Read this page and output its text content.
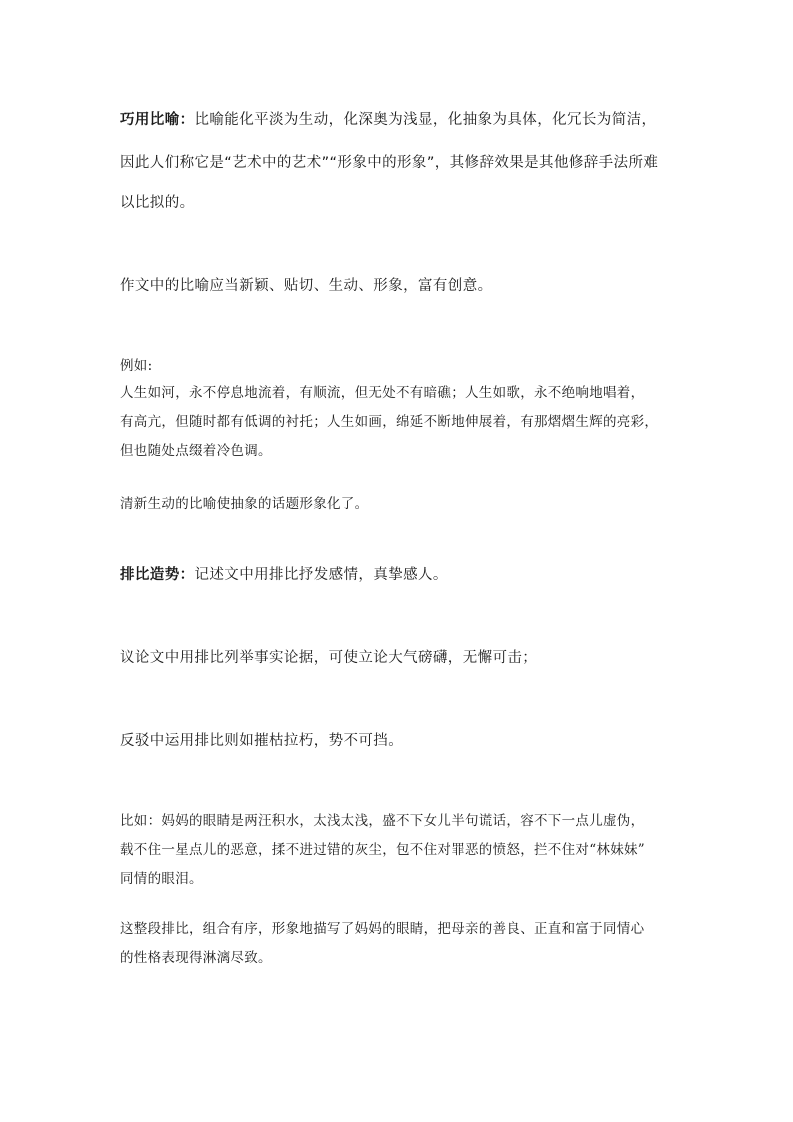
巧用比喻：比喻能化平淡为生动，化深奥为浅显，化抽象为具体，化冗长为简洁，
因此人们称它是“艺术中的艺术”“形象中的形象”，其修辞效果是其他修辞手法所难
以比拟的。
作文中的比喻应当新颖、贴切、生动、形象，富有创意。
例如:
人生如河，永不停息地流着，有顺流，但无处不有暗礁；人生如歌，永不绝响地唱着，
有高亢，但随时都有低调的衬托；人生如画，绵延不断地伸展着，有那熠熠生辉的亮彩，
但也随处点缀着冷色调。
清新生动的比喻使抽象的话题形象化了。
排比造势：记述文中用排比抒发感情，真挚感人。
议论文中用排比列举事实论据，可使立论大气磅礴，无懈可击；
反驳中运用排比则如摧枯拉朽，势不可挡。
比如：妈妈的眼睛是两汪积水，太浅太浅，盛不下女儿半句谎话，容不下一点儿虚伪，
载不住一星点儿的恶意，揉不进过错的灰尘，包不住对罪恶的愤怒，拦不住对“林妹妹”
同情的眼泪。
这整段排比，组合有序，形象地描写了妈妈的眼睛，把母亲的善良、正直和富于同情心
的性格表现得淋漓尽致。
